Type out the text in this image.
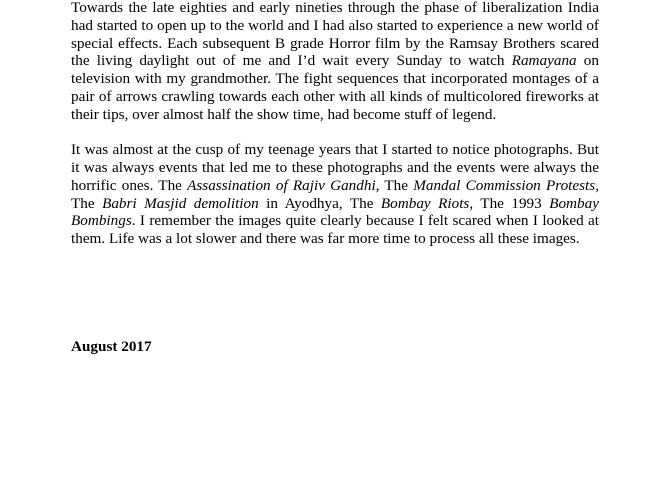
Towards the late eighties and early nineties through the phase of liberalization India had started to open up to the world and I had also started to experience a new world of special effects. Each subsequent B grade Horror film by the Ramsay Brothers scared the living daylight out of me and I’d wait every Sunday to watch Ramayana on television with my grandmother. The fight sequences that incorporated montages of a pair of arrows crawling towards each other with all kinds of multicolored fireworks at their tips, over almost half the show time, had become stuff of legend.

It was almost at the cusp of my teenage years that I started to notice photographs. But it was always events that led me to these photographs and the events were always the horrific ones. The Assassination of Rajiv Gandhi, The Mandal Commission Protests, The Babri Masjid demolition in Ayodhya, The Bombay Riots, The 1993 Bombay Bombings. I remember the images quite clearly because I felt scared when I looked at them. Life was a lot slower and there was far more time to process all these images.

August 2017
